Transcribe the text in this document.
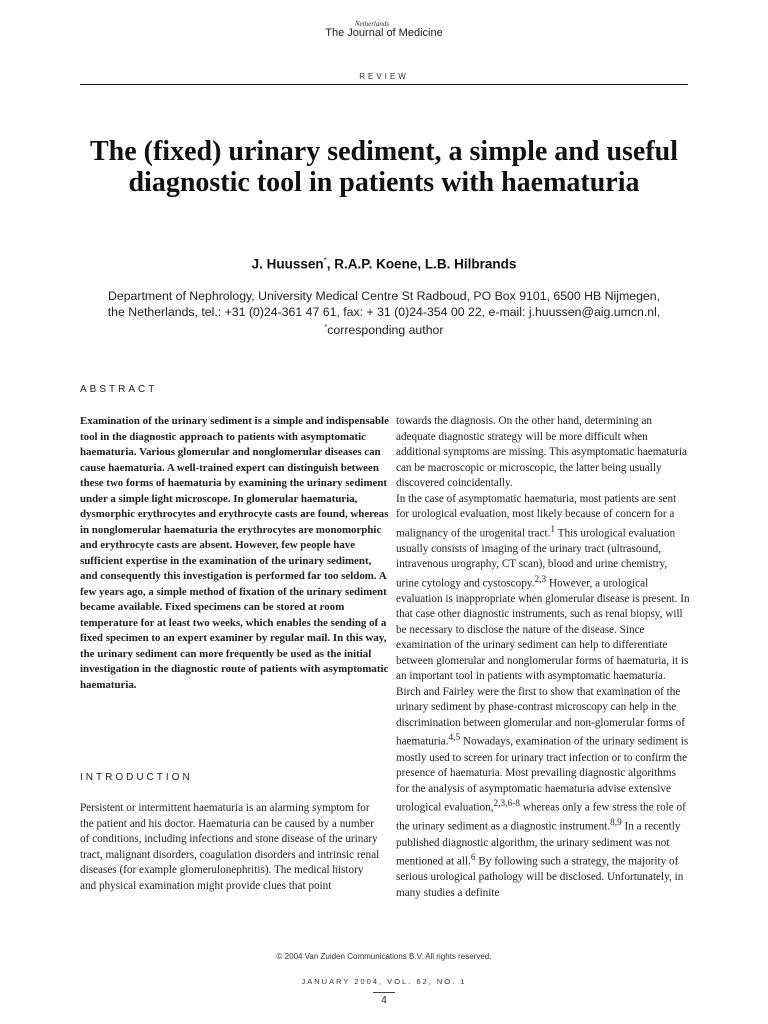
Netherlands
The Journal of Medicine
REVIEW
The (fixed) urinary sediment, a simple and useful diagnostic tool in patients with haematuria
J. Huussen*, R.A.P. Koene, L.B. Hilbrands
Department of Nephrology, University Medical Centre St Radboud, PO Box 9101, 6500 HB Nijmegen,
the Netherlands, tel.: +31 (0)24-361 47 61, fax: + 31 (0)24-354 00 22, e-mail: j.huussen@aig.umcn.nl,
*corresponding author
ABSTRACT

Examination of the urinary sediment is a simple and indispensable tool in the diagnostic approach to patients with asymptomatic haematuria. Various glomerular and nonglomerular diseases can cause haematuria. A well-trained expert can distinguish between these two forms of haematuria by examining the urinary sediment under a simple light microscope. In glomerular haematuria, dysmorphic erythrocytes and erythrocyte casts are found, whereas in nonglomerular haematuria the erythrocytes are monomorphic and erythrocyte casts are absent. However, few people have sufficient expertise in the examination of the urinary sediment, and consequently this investigation is performed far too seldom. A few years ago, a simple method of fixation of the urinary sediment became available. Fixed specimens can be stored at room temperature for at least two weeks, which enables the sending of a fixed specimen to an expert examiner by regular mail. In this way, the urinary sediment can more frequently be used as the initial investigation in the diagnostic route of patients with asymptomatic haematuria.

INTRODUCTION

Persistent or intermittent haematuria is an alarming symptom for the patient and his doctor. Haematuria can be caused by a number of conditions, including infections and stone disease of the urinary tract, malignant disorders, coagulation disorders and intrinsic renal diseases (for example glomerulonephritis). The medical history and physical examination might provide clues that point

towards the diagnosis. On the other hand, determining an adequate diagnostic strategy will be more difficult when additional symptoms are missing. This asymptomatic haematuria can be macroscopic or microscopic, the latter being usually discovered coincidentally.

In the case of asymptomatic haematuria, most patients are sent for urological evaluation, most likely because of concern for a malignancy of the urogenital tract.$^1$ This urological evaluation usually consists of imaging of the urinary tract (ultrasound, intravenous urography, CT scan), blood and urine chemistry, urine cytology and cystoscopy.$^{2,3}$ However, a urological evaluation is inappropriate when glomerular disease is present. In that case other diagnostic instruments, such as renal biopsy, will be necessary to disclose the nature of the disease. Since examination of the urinary sediment can help to differentiate between glomerular and nonglomerular forms of haematuria, it is an important tool in patients with asymptomatic haematuria. Birch and Fairley were the first to show that examination of the urinary sediment by phase-contrast microscopy can help in the discrimination between glomerular and non-glomerular forms of haematuria.$^{4,5}$ Nowadays, examination of the urinary sediment is mostly used to screen for urinary tract infection or to confirm the presence of haematuria. Most prevailing diagnostic algorithms for the analysis of asymptomatic haematuria advise extensive urological evaluation,$^{2,3,6-8}$ whereas only a few stress the role of the urinary sediment as a diagnostic instrument.$^{8,9}$ In a recently published diagnostic algorithm, the urinary sediment was not mentioned at all.$^6$ By following such a strategy, the majority of serious urological pathology will be disclosed. Unfortunately, in many studies a definite

© 2004 Van Zuiden Communications B.V. All rights reserved.
JANUARY 2004, VOL. 62, NO. 1
4
